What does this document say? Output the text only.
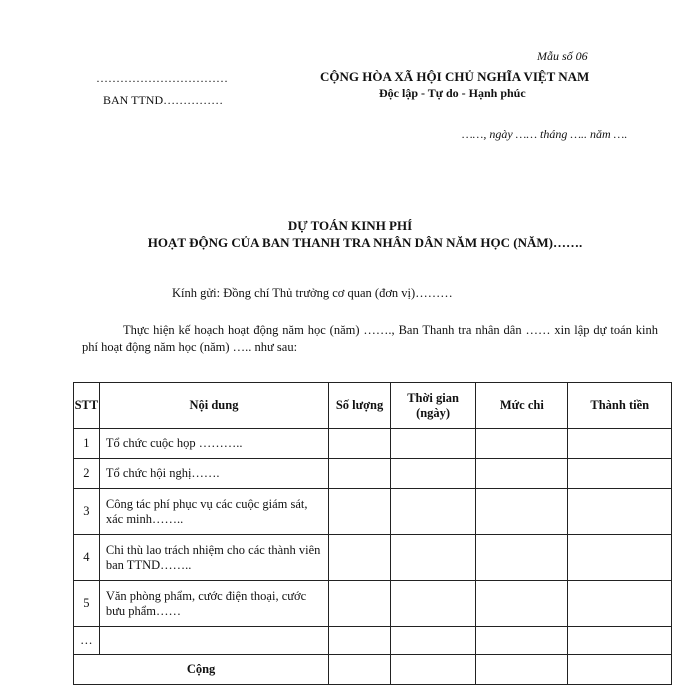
Mẫu số 06
……………………………
BAN TTND……………
CỘNG HÒA XÃ HỘI CHỦ NGHĨA VIỆT NAM
Độc lập - Tự do - Hạnh phúc
……, ngày …… tháng ….. năm ….
DỰ TOÁN KINH PHÍ
HOẠT ĐỘNG CỦA BAN THANH TRA NHÂN DÂN NĂM HỌC (NĂM)…….
Kính gửi: Đồng chí Thủ trưởng cơ quan (đơn vị)………
Thực hiện kế hoạch hoạt động năm học (năm) ……., Ban Thanh tra nhân dân …… xin lập dự toán kinh phí hoạt động năm học (năm) ….. như sau:
STT	Nội dung	Số lượng	Thời gian (ngày)	Mức chi	Thành tiền
1	Tổ chức cuộc họp ………..				
2	Tổ chức hội nghị…….				
3	Công tác phí phục vụ các cuộc giám sát, xác minh……..				
4	Chi thù lao trách nhiệm cho các thành viên ban TTND……..				
5	Văn phòng phẩm, cước điện thoại, cước bưu phẩm……				
…					
Cộng					
